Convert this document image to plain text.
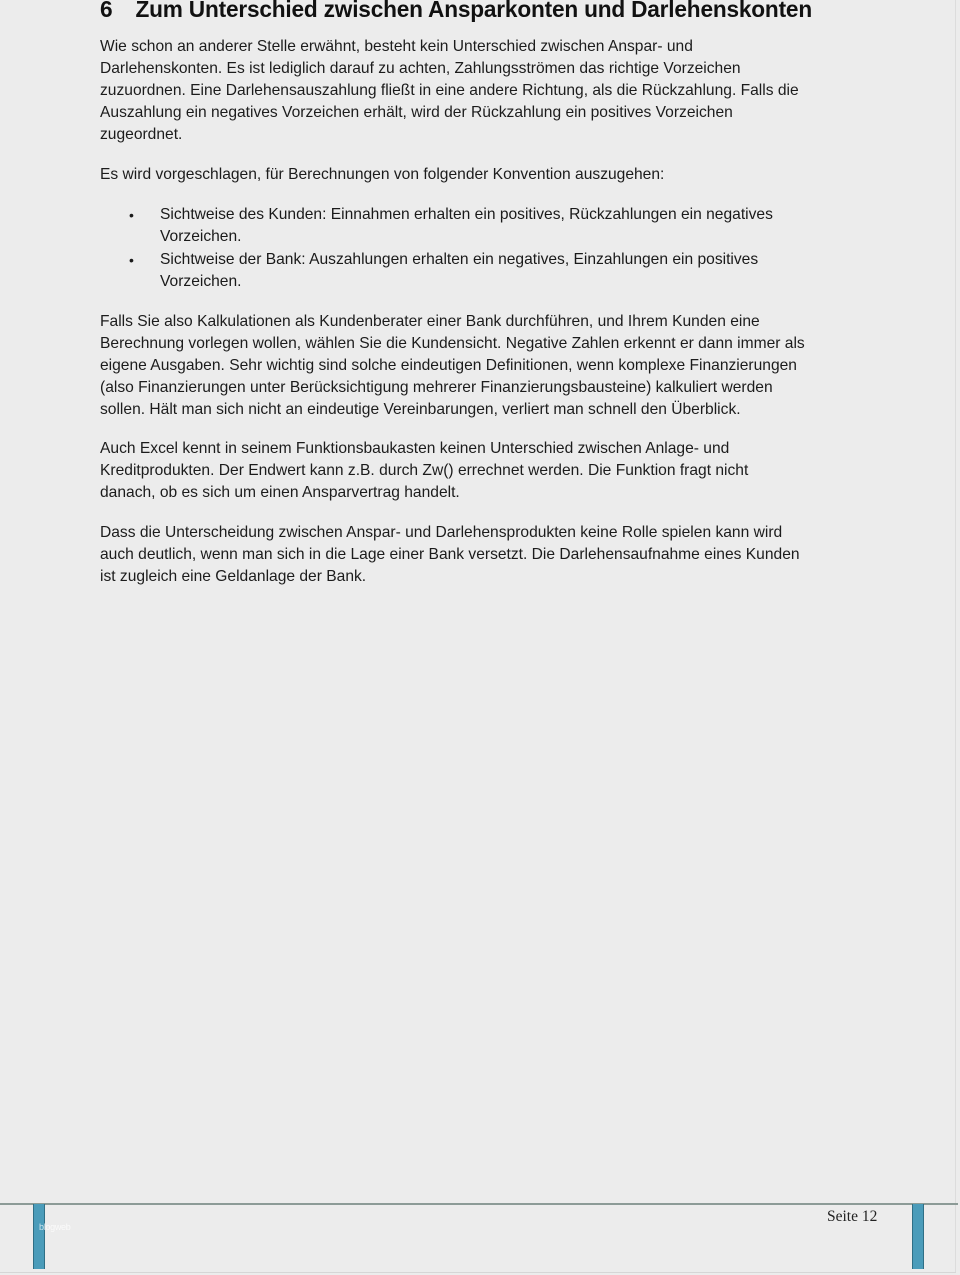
6 Zum Unterschied zwischen Ansparkonten und Darlehenskonten

Wie schon an anderer Stelle erwähnt, besteht kein Unterschied zwischen Anspar- und
Darlehenskonten. Es ist lediglich darauf zu achten, Zahlungsströmen das richtige Vorzeichen
zuzuordnen. Eine Darlehensauszahlung fließt in eine andere Richtung, als die Rückzahlung. Falls die
Auszahlung ein negatives Vorzeichen erhält, wird der Rückzahlung ein positives Vorzeichen
zugeordnet.

Es wird vorgeschlagen, für Berechnungen von folgender Konvention auszugehen:

• Sichtweise des Kunden: Einnahmen erhalten ein positives, Rückzahlungen ein negatives
Vorzeichen.
• Sichtweise der Bank: Auszahlungen erhalten ein negatives, Einzahlungen ein positives
Vorzeichen.

Falls Sie also Kalkulationen als Kundenberater einer Bank durchführen, und Ihrem Kunden eine
Berechnung vorlegen wollen, wählen Sie die Kundensicht. Negative Zahlen erkennt er dann immer als
eigene Ausgaben. Sehr wichtig sind solche eindeutigen Definitionen, wenn komplexe Finanzierungen
(also Finanzierungen unter Berücksichtigung mehrerer Finanzierungsbausteine) kalkuliert werden
sollen. Hält man sich nicht an eindeutige Vereinbarungen, verliert man schnell den Überblick.

Auch Excel kennt in seinem Funktionsbaukasten keinen Unterschied zwischen Anlage- und
Kreditprodukten. Der Endwert kann z.B. durch Zw() errechnet werden. Die Funktion fragt nicht
danach, ob es sich um einen Ansparvertrag handelt.

Dass die Unterscheidung zwischen Anspar- und Darlehensprodukten keine Rolle spielen kann wird
auch deutlich, wenn man sich in die Lage einer Bank versetzt. Die Darlehensaufnahme eines Kunden
ist zugleich eine Geldanlage der Bank.

blogweb
Seite 12
